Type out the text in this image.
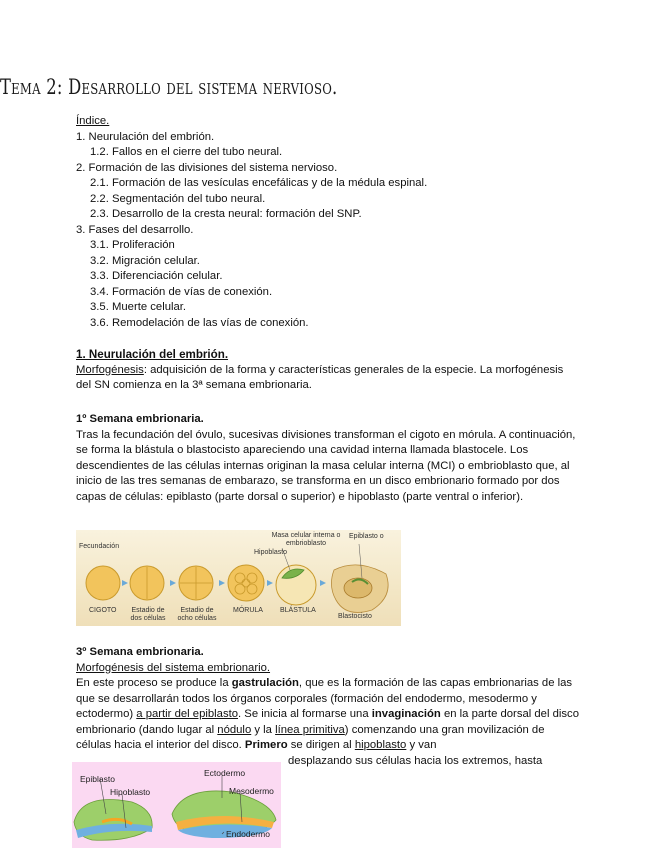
Tema 2: Desarrollo del sistema nervioso.
Índice.
1. Neurulación del embrión.
1.2. Fallos en el cierre del tubo neural.
2. Formación de las divisiones del sistema nervioso.
2.1. Formación de las vesículas encefálicas y de la médula espinal.
2.2. Segmentación del tubo neural.
2.3. Desarrollo de la cresta neural: formación del SNP.
3. Fases del desarrollo.
3.1. Proliferación
3.2. Migración celular.
3.3. Diferenciación celular.
3.4. Formación de vías de conexión.
3.5. Muerte celular.
3.6. Remodelación de las vías de conexión.
1. Neurulación del embrión.

Morfogénesis: adquisición de la forma y características generales de la especie. La morfogénesis del SN comienza en la 3ª semana embrionaria.

1º Semana embrionaria.

Tras la fecundación del óvulo, sucesivas divisiones transforman el cigoto en mórula. A continuación, se forma la blástula o blastocisto apareciendo una cavidad interna llamada blastocele. Los descendientes de las células internas originan la masa celular interna (MCI) o embrioblasto que, al inicio de las tres semanas de embarazo, se transforma en un disco embrionario formado por dos capas de células: epiblasto (parte dorsal o superior) e hipoblasto (parte ventral o inferior).

3º Semana embrionaria.
Morfogénesis del sistema embrionario.

En este proceso se produce la gastrulación, que es la formación de las capas embrionarias de las que se desarrollarán todos los órganos corporales (formación del endodermo, mesodermo y ectodermo) a partir del epiblasto. Se inicia al formarse una invaginación en la parte dorsal del disco embrionario (dando lugar al nódulo y la línea primitiva) comenzando una gran movilización de células hacia el interior del disco. Primero se dirigen al hipoblasto y van

desplazando sus células hacia los extremos, hasta
Fecundación
Masa celular interna o embrioblasto
Hipoblasto
Epiblasto o
CIGOTO	Estadio de dos células
Estadio de ocho células
MÓRULA BLÁSTULA
Blastocisto
Epiblasto
Hipoblasto
Ectodermo
Mesodermo
Endodermo
